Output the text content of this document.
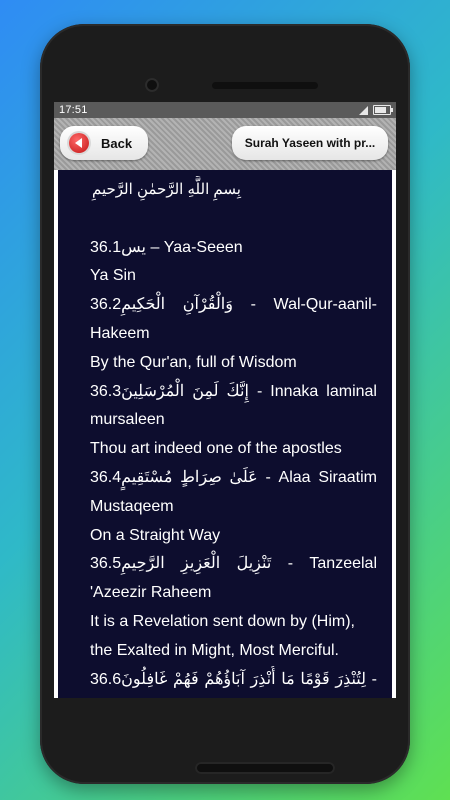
17:51
Back	Surah Yaseen with pr...
بِسمِ اللَّهِ الرَّحمٰنِ الرَّحيمِ
36.1يس – Yaa-Seeen
Ya Sin
36.2وَالْقُرْآنِ الْحَكِيمِ - Wal-Qur-aanil-
Hakeem
By the Qur'an, full of Wisdom
36.3إِنَّكَ لَمِنَ الْمُرْسَلِينَ - Innaka laminal
mursaleen
Thou art indeed one of the apostles
36.4عَلَىٰ صِرَاطٍ مُسْتَقِيمٍ - Alaa Siraatim
Mustaqeem
On a Straight Way
36.5تَنْزِيلَ الْعَزِيزِ الرَّحِيمِ - Tanzeelal
'Azeezir Raheem
It is a Revelation sent down by (Him),
the Exalted in Might, Most Merciful.
36.6لِتُنْذِرَ قَوْمًا مَا أُنْذِرَ آبَاؤُهُمْ فَهُمْ غَافِلُونَ -
